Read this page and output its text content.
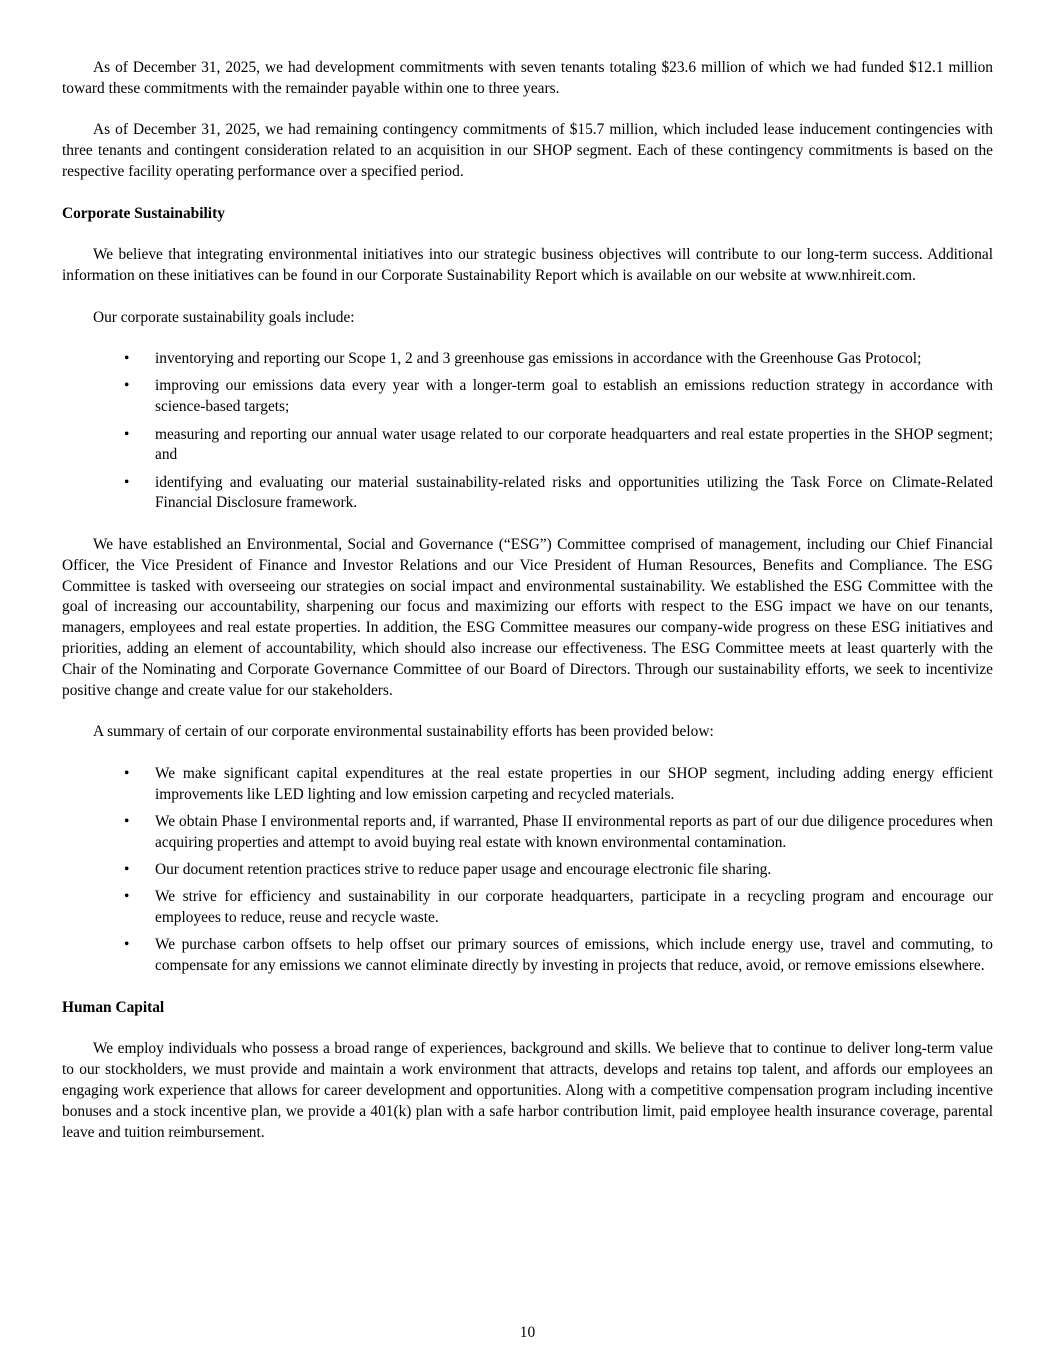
As of December 31, 2025, we had development commitments with seven tenants totaling $23.6 million of which we had funded $12.1 million toward these commitments with the remainder payable within one to three years.

As of December 31, 2025, we had remaining contingency commitments of $15.7 million, which included lease inducement contingencies with three tenants and contingent consideration related to an acquisition in our SHOP segment. Each of these contingency commitments is based on the respective facility operating performance over a specified period.

Corporate Sustainability

We believe that integrating environmental initiatives into our strategic business objectives will contribute to our long-term success. Additional information on these initiatives can be found in our Corporate Sustainability Report which is available on our website at www.nhireit.com.

Our corporate sustainability goals include:

• inventorying and reporting our Scope 1, 2 and 3 greenhouse gas emissions in accordance with the Greenhouse Gas Protocol;
• improving our emissions data every year with a longer-term goal to establish an emissions reduction strategy in accordance with science-based targets;
• measuring and reporting our annual water usage related to our corporate headquarters and real estate properties in the SHOP segment; and
• identifying and evaluating our material sustainability-related risks and opportunities utilizing the Task Force on Climate-Related Financial Disclosure framework.

We have established an Environmental, Social and Governance (“ESG”) Committee comprised of management, including our Chief Financial Officer, the Vice President of Finance and Investor Relations and our Vice President of Human Resources, Benefits and Compliance. The ESG Committee is tasked with overseeing our strategies on social impact and environmental sustainability. We established the ESG Committee with the goal of increasing our accountability, sharpening our focus and maximizing our efforts with respect to the ESG impact we have on our tenants, managers, employees and real estate properties. In addition, the ESG Committee measures our company-wide progress on these ESG initiatives and priorities, adding an element of accountability, which should also increase our effectiveness. The ESG Committee meets at least quarterly with the Chair of the Nominating and Corporate Governance Committee of our Board of Directors. Through our sustainability efforts, we seek to incentivize positive change and create value for our stakeholders.

A summary of certain of our corporate environmental sustainability efforts has been provided below:

• We make significant capital expenditures at the real estate properties in our SHOP segment, including adding energy efficient improvements like LED lighting and low emission carpeting and recycled materials.
• We obtain Phase I environmental reports and, if warranted, Phase II environmental reports as part of our due diligence procedures when acquiring properties and attempt to avoid buying real estate with known environmental contamination.
• Our document retention practices strive to reduce paper usage and encourage electronic file sharing.
• We strive for efficiency and sustainability in our corporate headquarters, participate in a recycling program and encourage our employees to reduce, reuse and recycle waste.
• We purchase carbon offsets to help offset our primary sources of emissions, which include energy use, travel and commuting, to compensate for any emissions we cannot eliminate directly by investing in projects that reduce, avoid, or remove emissions elsewhere.
Human Capital

We employ individuals who possess a broad range of experiences, background and skills. We believe that to continue to deliver long-term value to our stockholders, we must provide and maintain a work environment that attracts, develops and retains top talent, and affords our employees an engaging work experience that allows for career development and opportunities. Along with a competitive compensation program including incentive bonuses and a stock incentive plan, we provide a 401(k) plan with a safe harbor contribution limit, paid employee health insurance coverage, parental leave and tuition reimbursement.

10
